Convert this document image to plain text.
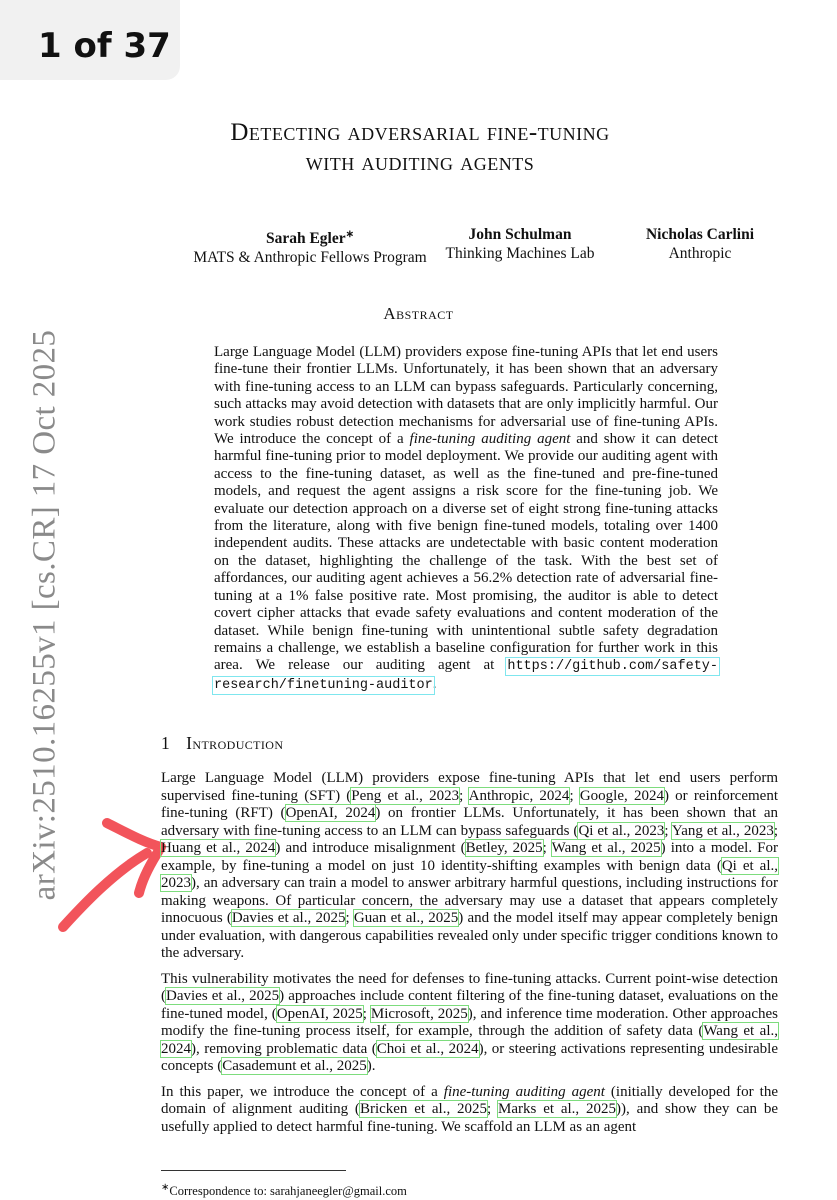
1 of 37
arXiv:2510.16255v1 [cs.CR] 17 Oct 2025
Detecting adversarial fine-tuning
with auditing agents
Sarah Egler∗
MATS & Anthropic Fellows Program
John Schulman
Thinking Machines Lab
Nicholas Carlini
Anthropic
Abstract
Large Language Model (LLM) providers expose fine-tuning APIs that let end users fine-tune their frontier LLMs. Unfortunately, it has been shown that an adversary with fine-tuning access to an LLM can bypass safeguards. Particularly concerning, such attacks may avoid detection with datasets that are only implicitly harmful. Our work studies robust detection mechanisms for adversarial use of fine-tuning APIs. We introduce the concept of a fine-tuning auditing agent and show it can detect harmful fine-tuning prior to model deployment. We provide our auditing agent with access to the fine-tuning dataset, as well as the fine-tuned and pre-fine-tuned models, and request the agent assigns a risk score for the fine-tuning job. We evaluate our detection approach on a diverse set of eight strong fine-tuning attacks from the literature, along with five benign fine-tuned models, totaling over 1400 independent audits. These attacks are undetectable with basic content moderation on the dataset, highlighting the challenge of the task. With the best set of affordances, our auditing agent achieves a 56.2% detection rate of adversarial fine-tuning at a 1% false positive rate. Most promising, the auditor is able to detect covert cipher attacks that evade safety evaluations and content moderation of the dataset. While benign fine-tuning with unintentional subtle safety degradation remains a challenge, we establish a baseline configuration for further work in this area. We release our auditing agent at https://github.com/safety-research/finetuning-auditor.
1 Introduction

Large Language Model (LLM) providers expose fine-tuning APIs that let end users perform supervised fine-tuning (SFT) (Peng et al., 2023; Anthropic, 2024; Google, 2024) or reinforcement fine-tuning (RFT) (OpenAI, 2024) on frontier LLMs. Unfortunately, it has been shown that an adversary with fine-tuning access to an LLM can bypass safeguards (Qi et al., 2023; Yang et al., 2023; Huang et al., 2024) and introduce misalignment (Betley, 2025; Wang et al., 2025) into a model. For example, by fine-tuning a model on just 10 identity-shifting examples with benign data (Qi et al., 2023), an adversary can train a model to answer arbitrary harmful questions, including instructions for making weapons. Of particular concern, the adversary may use a dataset that appears completely innocuous (Davies et al., 2025; Guan et al., 2025) and the model itself may appear completely benign under evaluation, with dangerous capabilities revealed only under specific trigger conditions known to the adversary.

This vulnerability motivates the need for defenses to fine-tuning attacks. Current point-wise detection (Davies et al., 2025) approaches include content filtering of the fine-tuning dataset, evaluations on the fine-tuned model, (OpenAI, 2025; Microsoft, 2025), and inference time moderation. Other approaches modify the fine-tuning process itself, for example, through the addition of safety data (Wang et al., 2024), removing problematic data (Choi et al., 2024), or steering activations representing undesirable concepts (Casademunt et al., 2025).

In this paper, we introduce the concept of a fine-tuning auditing agent (initially developed for the domain of alignment auditing (Bricken et al., 2025; Marks et al., 2025)), and show they can be usefully applied to detect harmful fine-tuning. We scaffold an LLM as an agent

∗Correspondence to: sarahjaneegler@gmail.com
